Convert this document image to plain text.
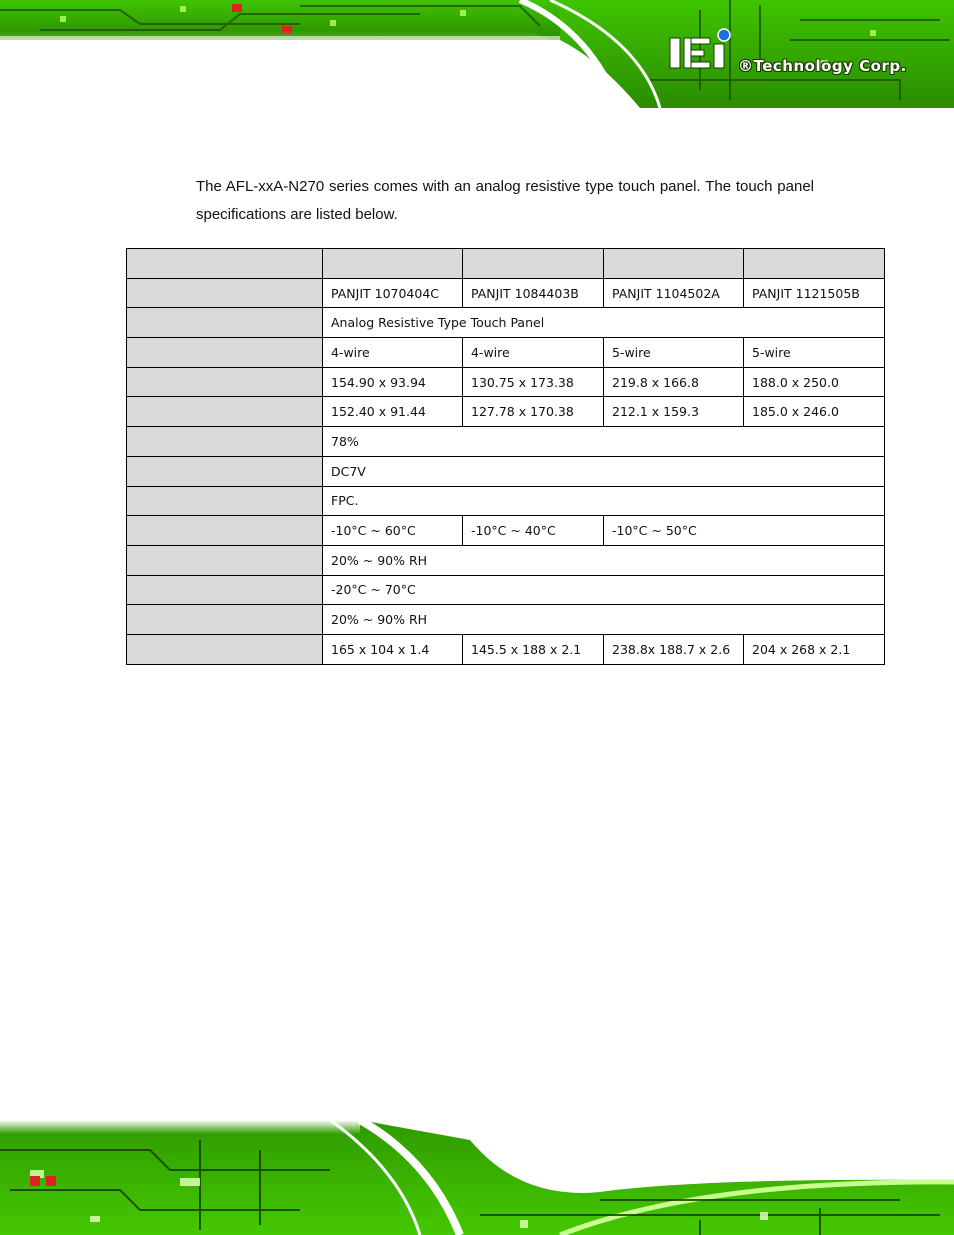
®Technology Corp.

The AFL-xxA-N270 series comes with an analog resistive type touch panel. The touch panel specifications are listed below.

	PANJIT 1070404C	PANJIT 1084403B	PANJIT 1104502A	PANJIT 1121505B
	Analog Resistive Type Touch Panel			
	4-wire	4-wire	5-wire	5-wire
	154.90 x 93.94	130.75 x 173.38	219.8 x 166.8	188.0 x 250.0
	152.40 x 91.44	127.78 x 170.38	212.1 x 159.3	185.0 x 246.0
	78%			
	DC7V			
	FPC.			
	-10°C ~ 60°C	-10°C ~ 40°C	-10°C ~ 50°C	
	20% ~ 90% RH			
	-20°C ~ 70°C			
	20% ~ 90% RH			
	165 x 104 x 1.4	145.5 x 188 x 2.1	238.8x 188.7 x 2.6	204 x 268 x 2.1
